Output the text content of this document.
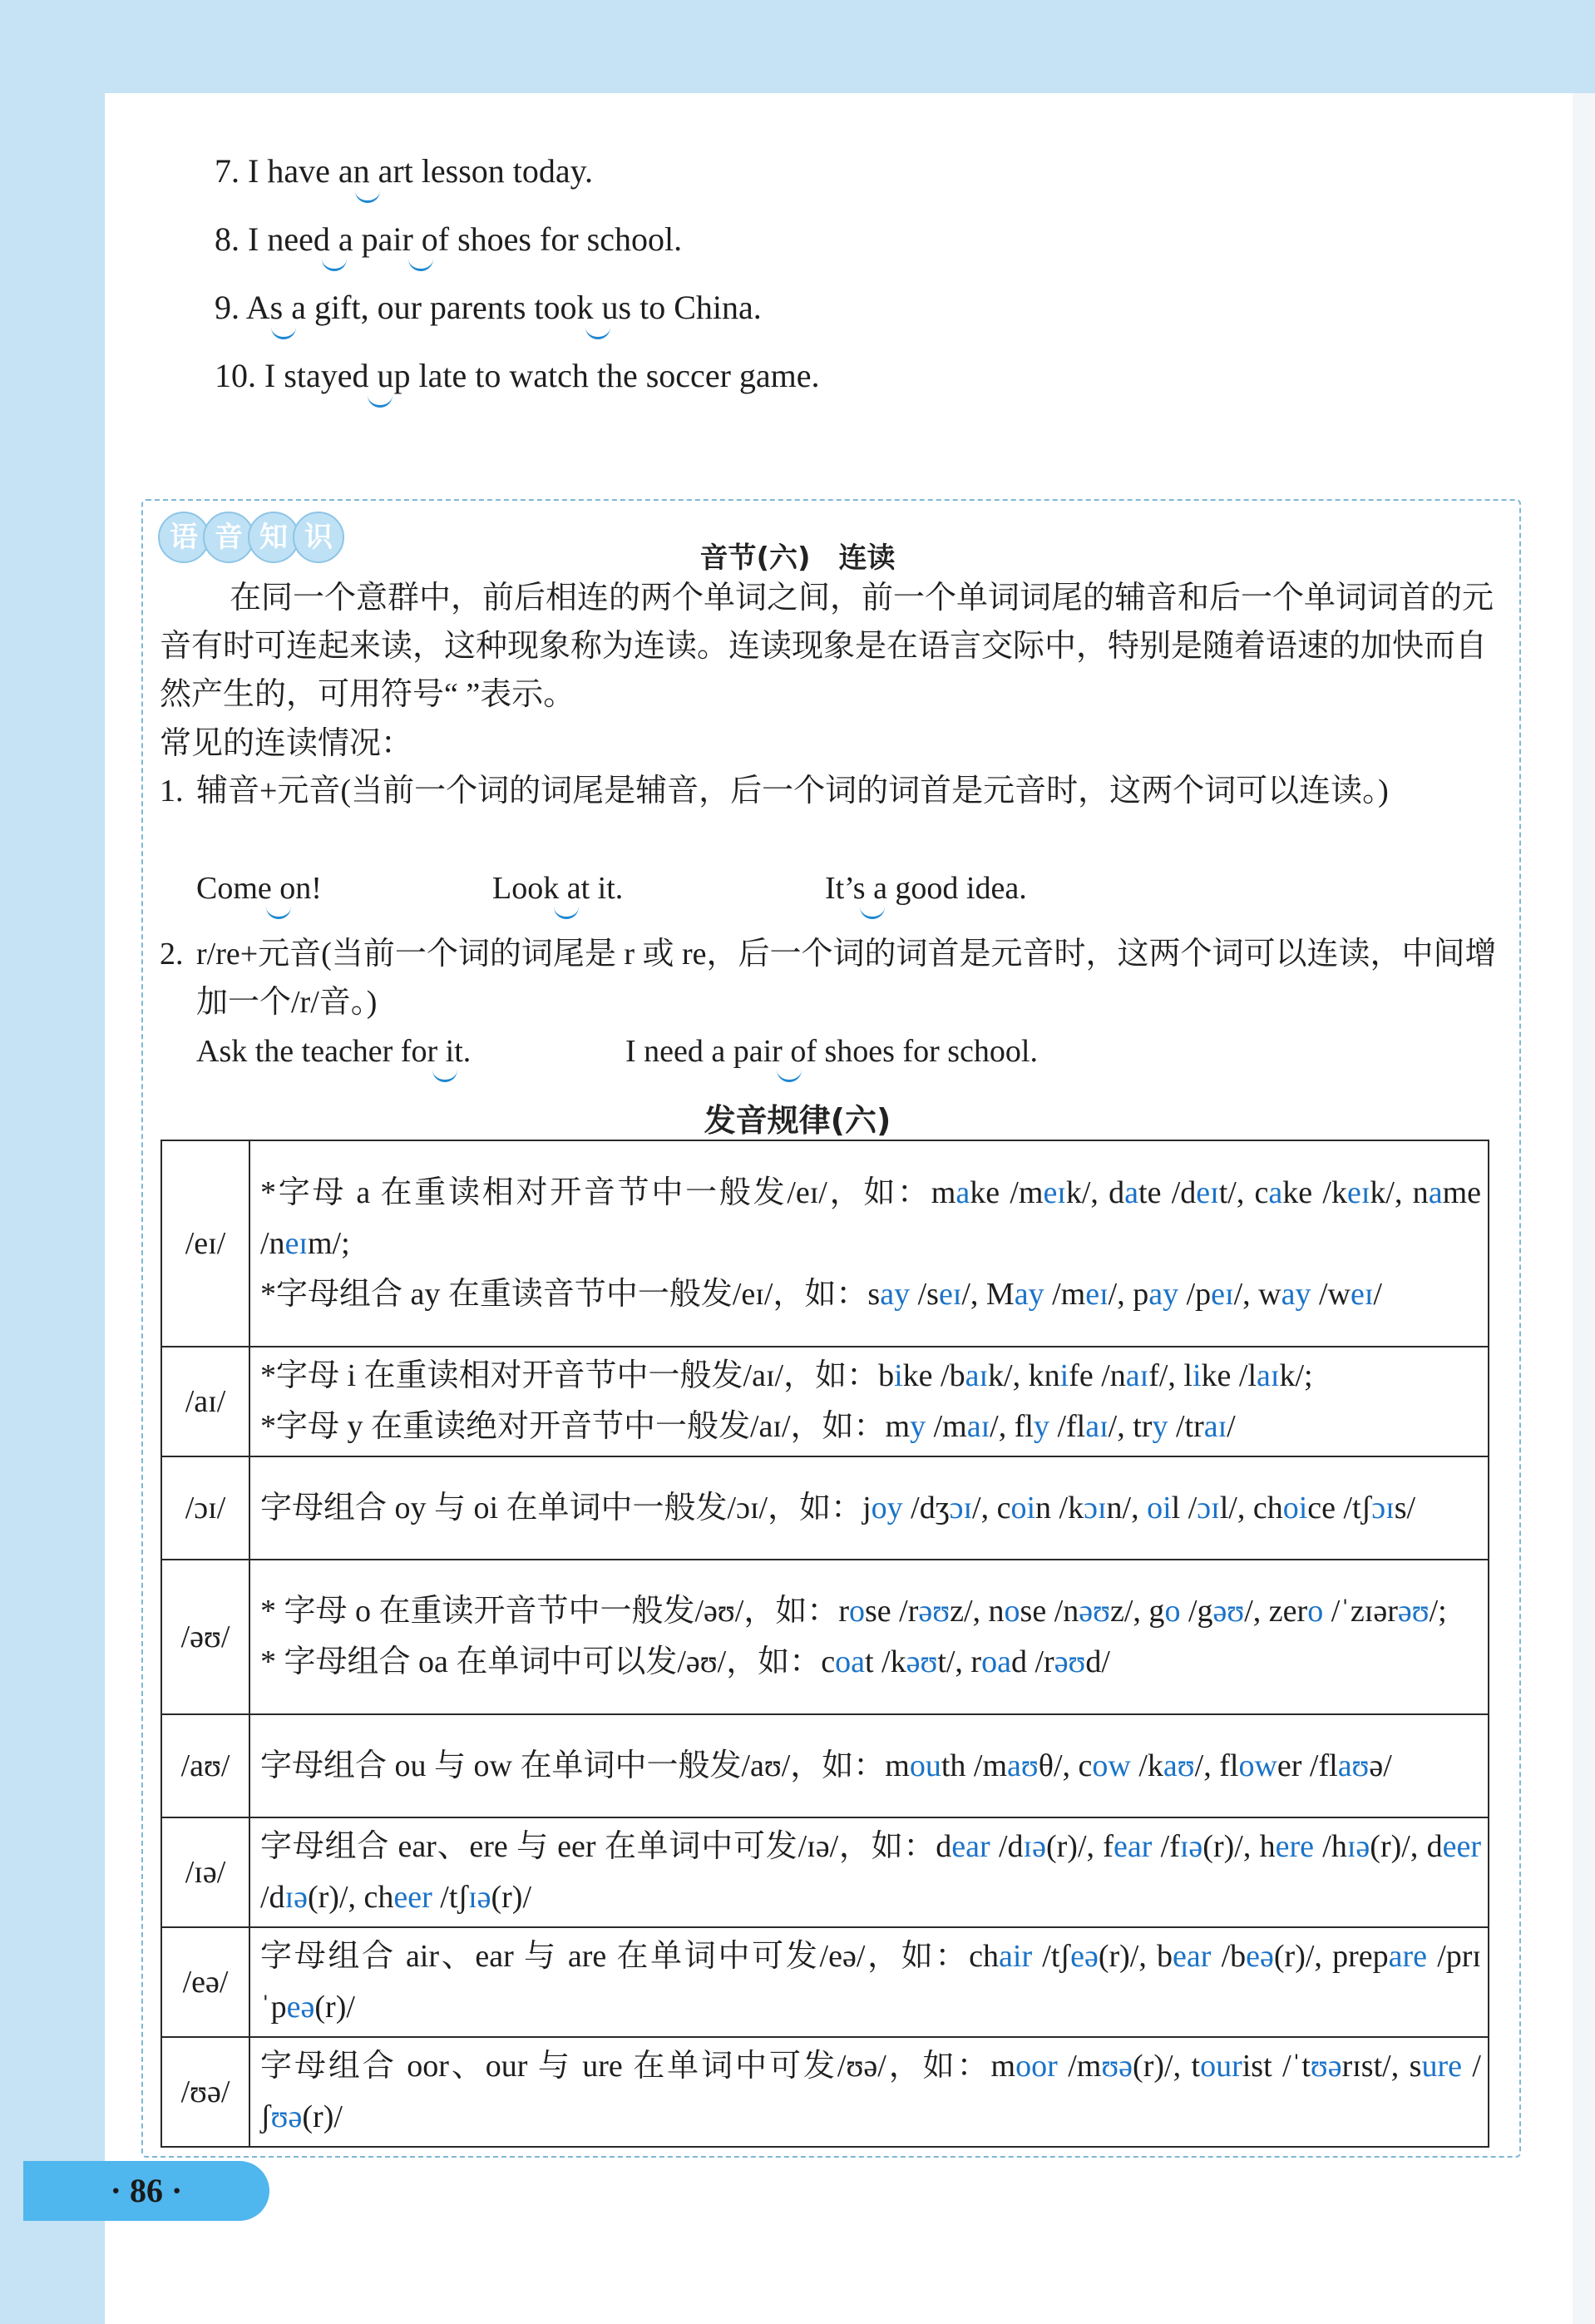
7. I have an art lesson today.
8. I need a
pair of
shoes for school.
9. As a
gift, our parents took us
to China.
10. I stayed up
late to watch the soccer game.
语 音 知 识
音节(六)　连读
在同一个意群中，前后相连的两个单词之间，前一个单词词尾的辅音和后一个单词词首的元音有时可连起来读，这种现象称为连读。连读现象是在语言交际中，特别是随着语速的加快而自然产生的，可用符号“ ”表示。
常见的连读情况：
1. 辅音+元音(当前一个词的词尾是辅音，后一个词的词首是元音时，这两个词可以连读。)
Come
on!	Look
at it.	It’s
a good idea.
2. r/re+元音(当前一个词的词尾是 r 或 re，后一个词的词首是元音时，这两个词可以连读，中间增加一个/r/音。)
Ask the teacher for
it.	I need a pair
of shoes for school.
发音规律(六)
/eɪ/	*字母 a 在重读相对开音节中一般发/eɪ/，如：make /meɪk/, date /deɪt/, cake /keɪk/, name /neɪm/;
*字母组合 ay 在重读音节中一般发/eɪ/，如：say /seɪ/, May /meɪ/, pay /peɪ/, way /weɪ/

/aɪ/	*字母 i 在重读相对开音节中一般发/aɪ/，如：bike /baɪk/, knife /naɪf/, like /laɪk/;
*字母 y 在重读绝对开音节中一般发/aɪ/，如：my /maɪ/, fly /flaɪ/, try /traɪ/

/ɔɪ/	字母组合 oy 与 oi 在单词中一般发/ɔɪ/，如：joy /dʒɔɪ/, coin /kɔɪn/, oil /ɔɪl/, choice /tʃɔɪs/

/əʊ/	* 字母 o 在重读开音节中一般发/əʊ/，如：rose /rəʊz/, nose /nəʊz/, go /gəʊ/, zero /ˈzɪərəʊ/;
* 字母组合 oa 在单词中可以发/əʊ/，如：coat /kəʊt/, road /rəʊd/

/aʊ/	字母组合 ou 与 ow 在单词中一般发/aʊ/，如：mouth /maʊθ/, cow /kaʊ/, flower /flaʊə/

/ɪə/	字母组合 ear、ere 与 eer 在单词中可发/ɪə/，如：dear /dɪə(r)/, fear /fɪə(r)/, here /hɪə(r)/, deer /dɪə(r)/, cheer /tʃɪə(r)/

/eə/	字母组合 air、ear 与 are 在单词中可发/eə/，如：chair /tʃeə(r)/, bear /beə(r)/, prepare /prɪˈpeə(r)/

/ʊə/	字母组合 oor、our 与 ure 在单词中可发/ʊə/，如：moor /mʊə(r)/, tourist /ˈtʊərɪst/, sure /ʃʊə(r)/
· 86 ·
